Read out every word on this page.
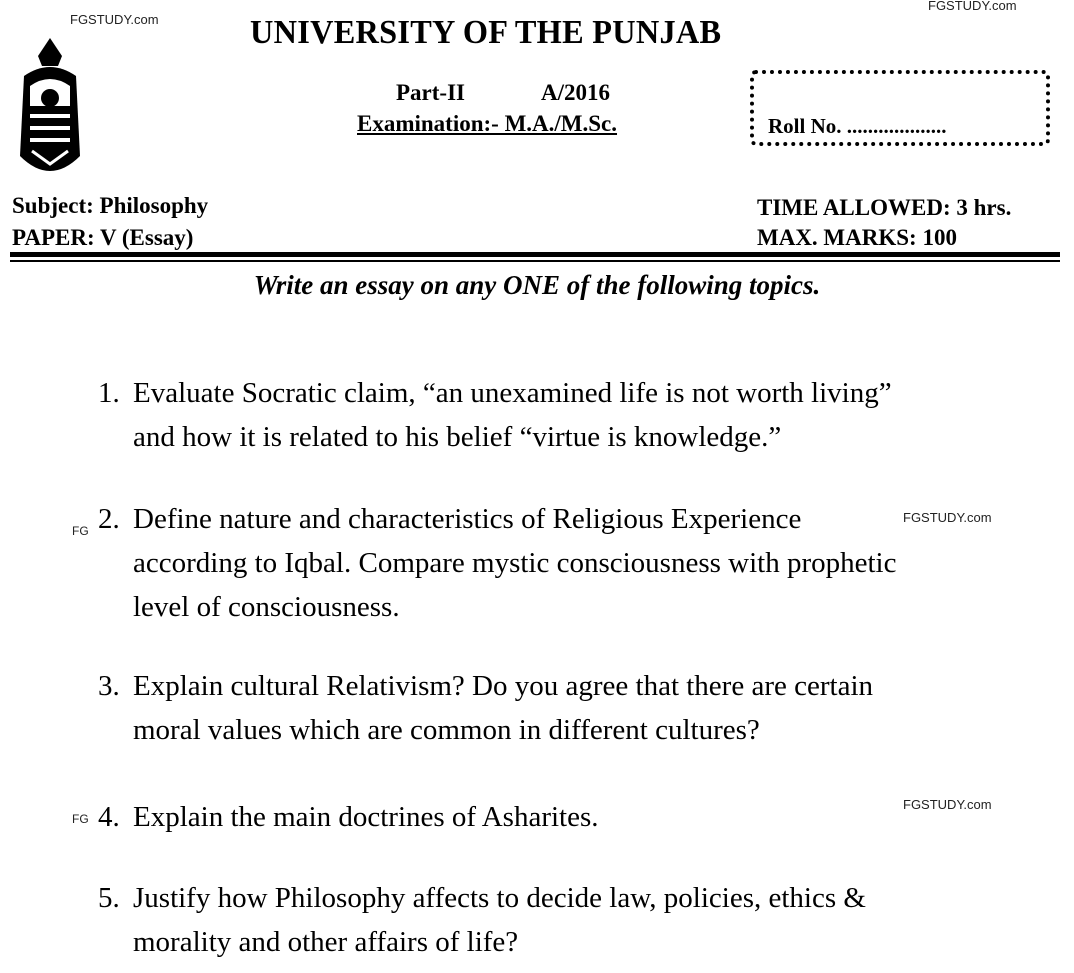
FGSTUDY.com
FGSTUDY.com
FGSTUDY.com
FGSTUDY.com
FG
FG
UNIVERSITY OF THE PUNJAB
Part-II	A/2016
Examination:- M.A./M.Sc.	Roll No. ...................
Subject: Philosophy
PAPER: V (Essay)
TIME ALLOWED: 3 hrs.
MAX. MARKS: 100
Write an essay on any ONE of the following topics.
1. Evaluate Socratic claim, “an unexamined life is not worth living”
and how it is related to his belief “virtue is knowledge.”
2. Define nature and characteristics of Religious Experience
according to Iqbal. Compare mystic consciousness with prophetic
level of consciousness.
3. Explain cultural Relativism? Do you agree that there are certain
moral values which are common in different cultures?
4. Explain the main doctrines of Asharites.
5. Justify how Philosophy affects to decide law, policies, ethics &
morality and other affairs of life?
